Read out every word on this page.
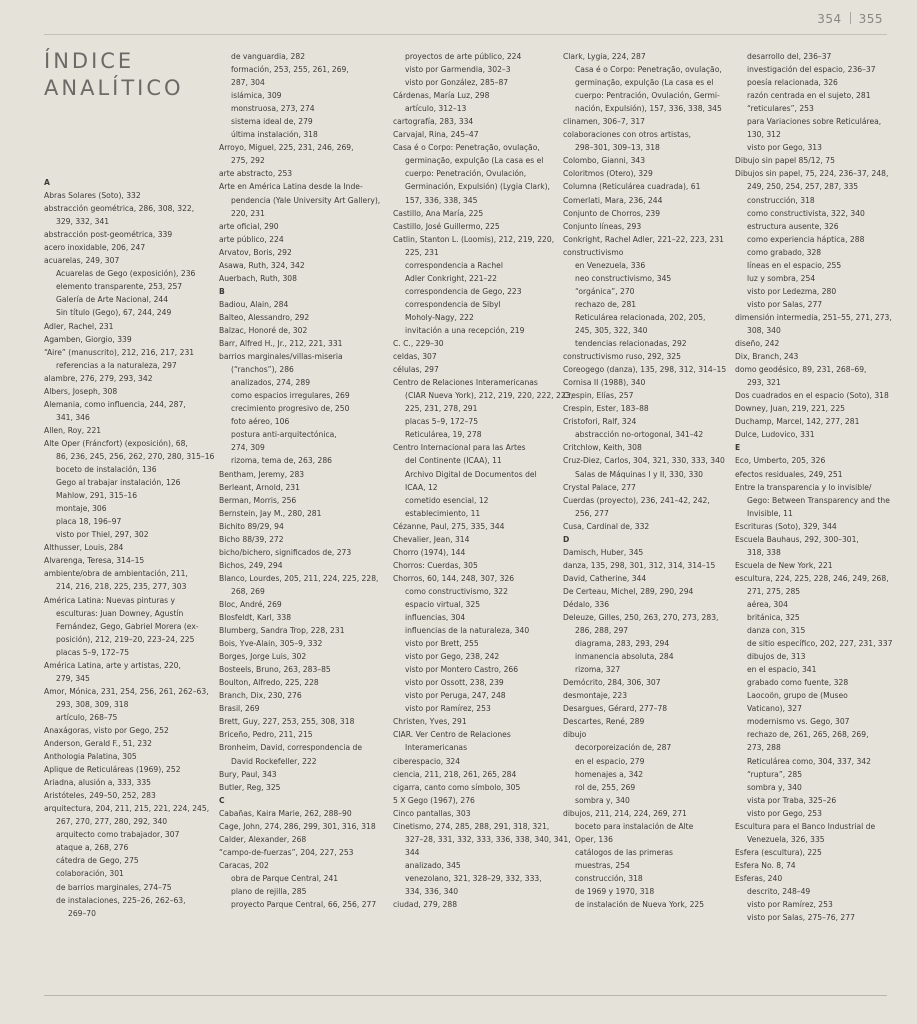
354 355
ÍNDICE
ANALÍTICO
A
Abras Solares (Soto), 332
abstracción geométrica, 286, 308, 322,
329, 332, 341
abstracción post-geométrica, 339
acero inoxidable, 206, 247
acuarelas, 249, 307
Acuarelas de Gego (exposición), 236
elemento transparente, 253, 257
Galería de Arte Nacional, 244
Sin título (Gego), 67, 244, 249
Adler, Rachel, 231
Agamben, Giorgio, 339
“Aire” (manuscrito), 212, 216, 217, 231
referencias a la naturaleza, 297
alambre, 276, 279, 293, 342
Albers, Joseph, 308
Alemania, como influencia, 244, 287,
341, 346
Allen, Roy, 221
Alte Oper (Fráncfort) (exposición), 68,
86, 236, 245, 256, 262, 270, 280, 315–16
boceto de instalación, 136
Gego al trabajar instalación, 126
Mahlow, 291, 315–16
montaje, 306
placa 18, 196–97
visto por Thiel, 297, 302
Althusser, Louis, 284
Alvarenga, Teresa, 314–15
ambiente/obra de ambientación, 211,
214, 216, 218, 225, 235, 277, 303
América Latina: Nuevas pinturas y
esculturas: Juan Downey, Agustín
Fernández, Gego, Gabriel Morera (ex-
posición), 212, 219–20, 223–24, 225
placas 5–9, 172–75
América Latina, arte y artistas, 220,
279, 345
Amor, Mónica, 231, 254, 256, 261, 262–63,
293, 308, 309, 318
artículo, 268–75
Anaxágoras, visto por Gego, 252
Anderson, Gerald F., 51, 232
Anthologia Palatina, 305
Aplique de Reticuláreas (1969), 252
Ariadna, alusión a, 333, 335
Aristóteles, 249–50, 252, 283
arquitectura, 204, 211, 215, 221, 224, 245,
267, 270, 277, 280, 292, 340
arquitecto como trabajador, 307
ataque a, 268, 276
cátedra de Gego, 275
colaboración, 301
de barrios marginales, 274–75
de instalaciones, 225–26, 262–63,
269–70
de vanguardia, 282
formación, 253, 255, 261, 269,
287, 304
islámica, 309
monstruosa, 273, 274
sistema ideal de, 279
última instalación, 318
Arroyo, Miguel, 225, 231, 246, 269,
275, 292
arte abstracto, 253
Arte en América Latina desde la Inde-
pendencia (Yale University Art Gallery),
220, 231
arte oficial, 290
arte público, 224
Arvatov, Boris, 292
Asawa, Ruth, 324, 342
Auerbach, Ruth, 308
B
Badiou, Alain, 284
Balteo, Alessandro, 292
Balzac, Honoré de, 302
Barr, Alfred H., Jr., 212, 221, 331
barrios marginales/villas-miseria
(“ranchos”), 286
analizados, 274, 289
como espacios irregulares, 269
crecimiento progresivo de, 250
foto aéreo, 106
postura anti-arquitectónica,
274, 309
rizoma, tema de, 263, 286
Bentham, Jeremy, 283
Berleant, Arnold, 231
Berman, Morris, 256
Bernstein, Jay M., 280, 281
Bichito 89/29, 94
Bicho 88/39, 272
bicho/bichero, significados de, 273
Bichos, 249, 294
Blanco, Lourdes, 205, 211, 224, 225, 228,
268, 269
Bloc, André, 269
Blosfeldt, Karl, 338
Blumberg, Sandra Trop, 228, 231
Bois, Yve-Alain, 305–9, 332
Borges, Jorge Luis, 302
Bosteels, Bruno, 263, 283–85
Boulton, Alfredo, 225, 228
Branch, Dix, 230, 276
Brasil, 269
Brett, Guy, 227, 253, 255, 308, 318
Briceño, Pedro, 211, 215
Bronheim, David, correspondencia de
David Rockefeller, 222
Bury, Paul, 343
Butler, Reg, 325
C
Cabañas, Kaira Marie, 262, 288–90
Cage, John, 274, 286, 299, 301, 316, 318
Calder, Alexander, 268
“campo-de-fuerzas”, 204, 227, 253
Caracas, 202
obra de Parque Central, 241
plano de rejilla, 285
proyecto Parque Central, 66, 256, 277
proyectos de arte público, 224
visto por Garmendia, 302–3
visto por González, 285–87
Cárdenas, María Luz, 298
artículo, 312–13
cartografía, 283, 334
Carvajal, Rina, 245–47
Casa é o Corpo: Penetração, ovulação,
germinação, expulção (La casa es el
cuerpo: Penetración, Ovulación,
Germinación, Expulsión) (Lygia Clark),
157, 336, 338, 345
Castillo, Ana María, 225
Castillo, José Guillermo, 225
Catlin, Stanton L. (Loomis), 212, 219, 220,
225, 231
correspondencia a Rachel
Adler Conkright, 221–22
correspondencia de Gego, 223
correspondencia de Sibyl
Moholy-Nagy, 222
invitación a una recepción, 219
C. C., 229–30
celdas, 307
células, 297
Centro de Relaciones Interamericanas
(CIAR Nueva York), 212, 219, 220, 222, 223,
225, 231, 278, 291
placas 5–9, 172–75
Reticulárea, 19, 278
Centro Internacional para las Artes
del Continente (ICAA), 11
Archivo Digital de Documentos del
ICAA, 12
cometido esencial, 12
establecimiento, 11
Cézanne, Paul, 275, 335, 344
Chevalier, Jean, 314
Chorro (1974), 144
Chorros: Cuerdas, 305
Chorros, 60, 144, 248, 307, 326
como constructivismo, 322
espacio virtual, 325
influencias, 304
influencias de la naturaleza, 340
visto por Brett, 255
visto por Gego, 238, 242
visto por Montero Castro, 266
visto por Ossott, 238, 239
visto por Peruga, 247, 248
visto por Ramírez, 253
Christen, Yves, 291
CIAR. Ver Centro de Relaciones
Interamericanas
ciberespacio, 324
ciencia, 211, 218, 261, 265, 284
cigarra, canto como símbolo, 305
5 X Gego (1967), 276
Cinco pantallas, 303
Cinetismo, 274, 285, 288, 291, 318, 321,
327–28, 331, 332, 333, 336, 338, 340, 341,
344
analizado, 345
venezolano, 321, 328–29, 332, 333,
334, 336, 340
ciudad, 279, 288
Clark, Lygia, 224, 287
Casa é o Corpo: Penetração, ovulação,
germinação, expulção (La casa es el
cuerpo: Pentración, Ovulación, Germi-
nación, Expulsión), 157, 336, 338, 345
clinamen, 306–7, 317
colaboraciones con otros artistas,
298–301, 309–13, 318
Colombo, Gianni, 343
Coloritmos (Otero), 329
Columna (Reticulárea cuadrada), 61
Comerlati, Mara, 236, 244
Conjunto de Chorros, 239
Conjunto líneas, 293
Conkright, Rachel Adler, 221–22, 223, 231
constructivismo
en Venezuela, 336
neo constructivismo, 345
“orgánica”, 270
rechazo de, 281
Reticulárea relacionada, 202, 205,
245, 305, 322, 340
tendencias relacionadas, 292
constructivismo ruso, 292, 325
Coreogego (danza), 135, 298, 312, 314–15
Cornisa II (1988), 340
Crespin, Elías, 257
Crespin, Ester, 183–88
Cristofori, Ralf, 324
abstracción no-ortogonal, 341–42
Critchlow, Keith, 308
Cruz-Diez, Carlos, 304, 321, 330, 333, 340
Salas de Máquinas I y II, 330, 330
Crystal Palace, 277
Cuerdas (proyecto), 236, 241–42, 242,
256, 277
Cusa, Cardinal de, 332
D
Damisch, Huber, 345
danza, 135, 298, 301, 312, 314, 314–15
David, Catherine, 344
De Certeau, Michel, 289, 290, 294
Dédalo, 336
Deleuze, Gilles, 250, 263, 270, 273, 283,
286, 288, 297
diagrama, 283, 293, 294
inmanencia absoluta, 284
rizoma, 327
Demócrito, 284, 306, 307
desmontaje, 223
Desargues, Gérard, 277–78
Descartes, René, 289
dibujo
decorporeización de, 287
en el espacio, 279
homenajes a, 342
rol de, 255, 269
sombra y, 340
dibujos, 211, 214, 224, 269, 271
boceto para instalación de Alte
Oper, 136
catálogos de las primeras
muestras, 254
construcción, 318
de 1969 y 1970, 318
de instalación de Nueva York, 225
desarrollo del, 236–37
investigación del espacio, 236–37
poesía relacionada, 326
razón centrada en el sujeto, 281
“reticulares”, 253
para Variaciones sobre Reticulárea,
130, 312
visto por Gego, 313
Dibujo sin papel 85/12, 75
Dibujos sin papel, 75, 224, 236–37, 248,
249, 250, 254, 257, 287, 335
construcción, 318
como constructivista, 322, 340
estructura ausente, 326
como experiencia háptica, 288
como grabado, 328
líneas en el espacio, 255
luz y sombra, 254
visto por Ledezma, 280
visto por Salas, 277
dimensión intermedia, 251–55, 271, 273,
308, 340
diseño, 242
Dix, Branch, 243
domo geodésico, 89, 231, 268–69,
293, 321
Dos cuadrados en el espacio (Soto), 318
Downey, Juan, 219, 221, 225
Duchamp, Marcel, 142, 277, 281
Dulce, Ludovico, 331
E
Eco, Umberto, 205, 326
efectos residuales, 249, 251
Entre la transparencia y lo invisible/
Gego: Between Transparency and the
Invisible, 11
Escrituras (Soto), 329, 344
Escuela Bauhaus, 292, 300–301,
318, 338
Escuela de New York, 221
escultura, 224, 225, 228, 246, 249, 268,
271, 275, 285
aérea, 304
británica, 325
danza con, 315
de sitio específico, 202, 227, 231, 337
dibujos de, 313
en el espacio, 341
grabado como fuente, 328
Laocoön, grupo de (Museo
Vaticano), 327
modernismo vs. Gego, 307
rechazo de, 261, 265, 268, 269,
273, 288
Reticulárea como, 304, 337, 342
“ruptura”, 285
sombra y, 340
vista por Traba, 325–26
visto por Gego, 253
Escultura para el Banco Industrial de
Venezuela, 326, 335
Esfera (escultura), 225
Esfera No. 8, 74
Esferas, 240
descrito, 248–49
visto por Ramírez, 253
visto por Salas, 275–76, 277
